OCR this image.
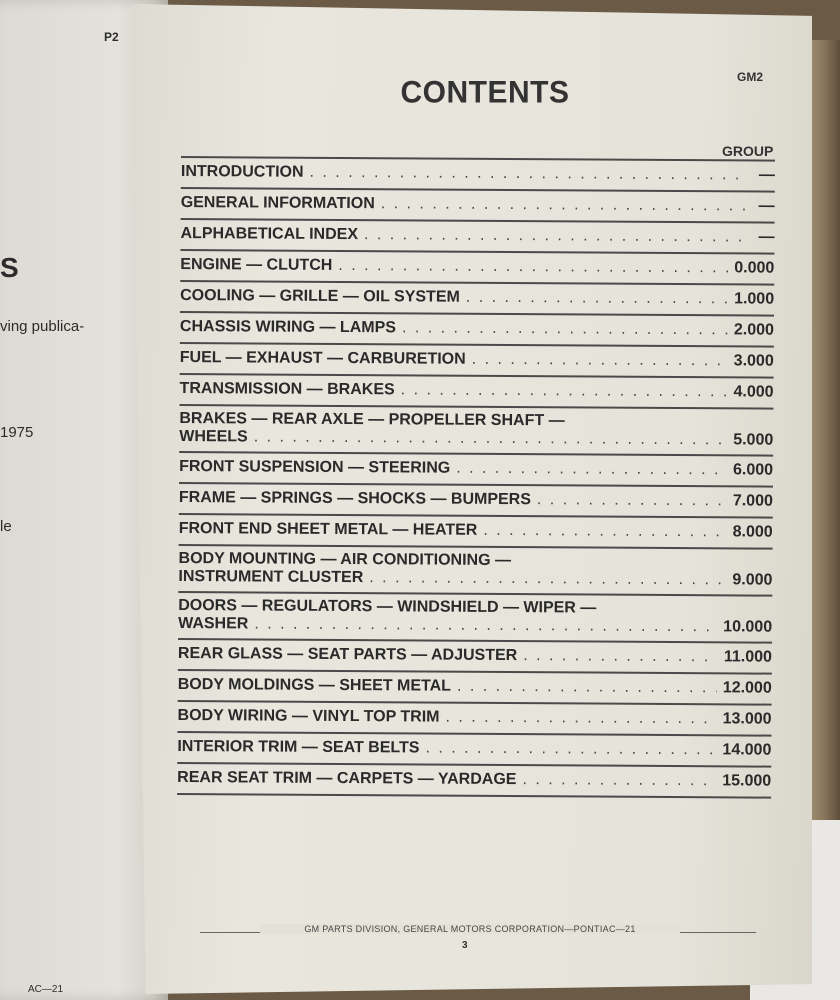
P2
S
ving publica-
1975
le
AC—21
GM2
CONTENTS
GROUP
INTRODUCTION . . .	—
GENERAL INFORMATION . . .	—
ALPHABETICAL INDEX . . .	—
ENGINE — CLUTCH . . .	0.000
COOLING — GRILLE — OIL SYSTEM . . .	1.000
CHASSIS WIRING — LAMPS . . .	2.000
FUEL — EXHAUST — CARBURETION . . .	3.000
TRANSMISSION — BRAKES . . .	4.000
BRAKES — REAR AXLE — PROPELLER SHAFT —
WHEELS . . .	5.000
FRONT SUSPENSION — STEERING . . .	6.000
FRAME — SPRINGS — SHOCKS — BUMPERS . . .	7.000
FRONT END SHEET METAL — HEATER . . .	8.000
BODY MOUNTING — AIR CONDITIONING —
INSTRUMENT CLUSTER . . .	9.000
DOORS — REGULATORS — WINDSHIELD — WIPER —
WASHER . . .	10.000
REAR GLASS — SEAT PARTS — ADJUSTER . . .	11.000
BODY MOLDINGS — SHEET METAL . . .	12.000
BODY WIRING — VINYL TOP TRIM . . .	13.000
INTERIOR TRIM — SEAT BELTS . . .	14.000
REAR SEAT TRIM — CARPETS — YARDAGE . . .	15.000
GM PARTS DIVISION, GENERAL MOTORS CORPORATION—PONTIAC—21
3
